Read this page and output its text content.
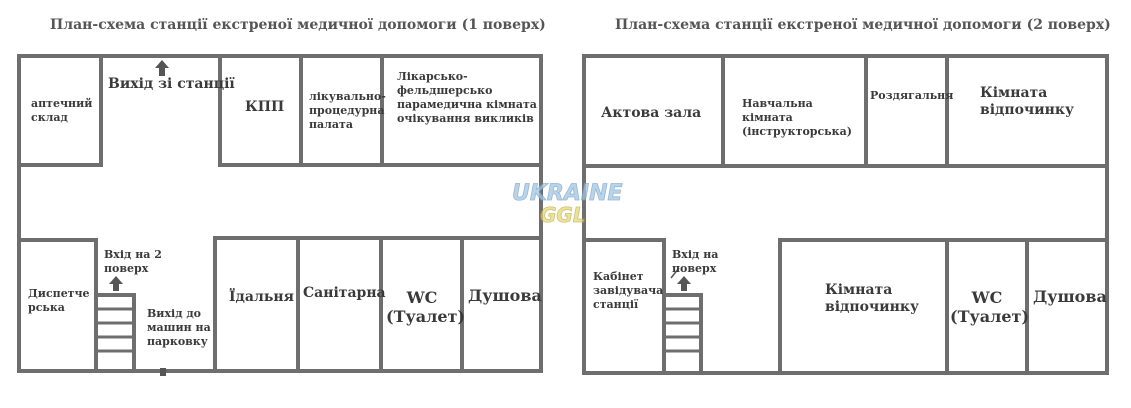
План-схема станції екстреної медичної допомоги (1 поверх)	План-схема станції екстреної медичної допомоги (2 поверх)
UKRAINE
GGL
аптечний склад
Вихід зі станції
КПП
лікувально-процедурна палата
Лікарсько-фельдшерсько парамедична кімната очікування викликів
Диспетчерська
Вхід на 2 поверх
Вихід до машин на парковку
Їдальня Санітарна	WC (Туалет)
Душова
Актова зала
Навчальна кімната (інструкторська)
Роздягальня Кімната відпочинку
Кабінет завідувача станції
Вхід на поверх
Кімната відпочинку	WC (Туалет)
Душова
